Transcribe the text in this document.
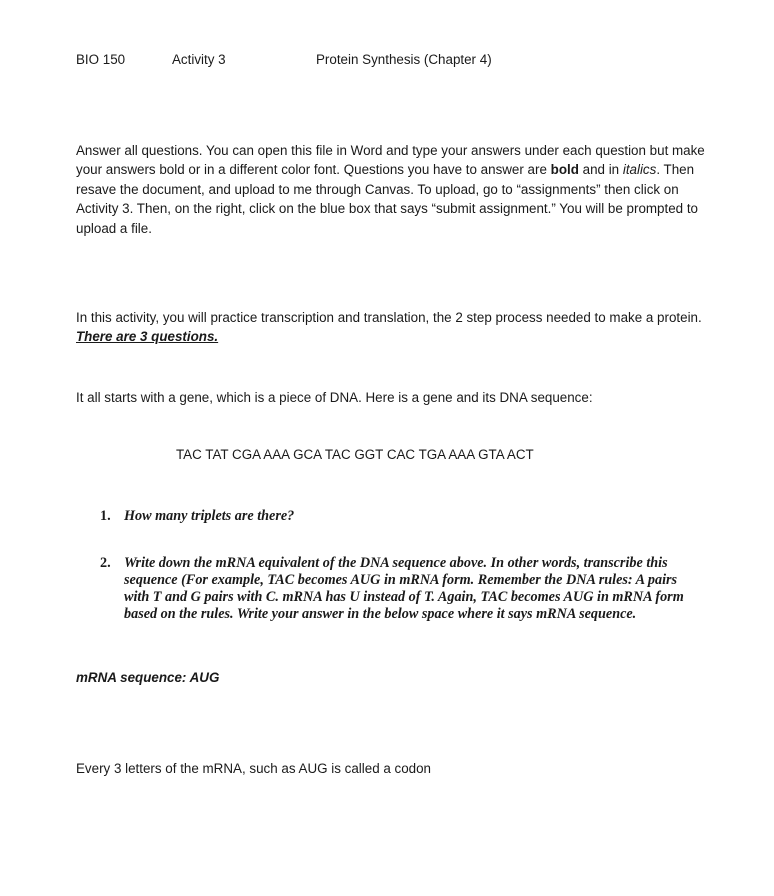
BIO 150	Activity 3	Protein Synthesis (Chapter 4)
Answer all questions. You can open this file in Word and type your answers under each question but make your answers bold or in a different color font. Questions you have to answer are bold and in italics. Then resave the document, and upload to me through Canvas. To upload, go to “assignments” then click on Activity 3. Then, on the right, click on the blue box that says “submit assignment.” You will be prompted to upload a file.
In this activity, you will practice transcription and translation, the 2 step process needed to make a protein. There are 3 questions.
It all starts with a gene, which is a piece of DNA. Here is a gene and its DNA sequence:
TAC TAT CGA AAA GCA TAC GGT CAC TGA AAA GTA ACT
1. How many triplets are there?
2. Write down the mRNA equivalent of the DNA sequence above. In other words, transcribe this sequence (For example, TAC becomes AUG in mRNA form. Remember the DNA rules: A pairs with T and G pairs with C. mRNA has U instead of T. Again, TAC becomes AUG in mRNA form based on the rules. Write your answer in the below space where it says mRNA sequence.
mRNA sequence: AUG
Every 3 letters of the mRNA, such as AUG is called a codon
